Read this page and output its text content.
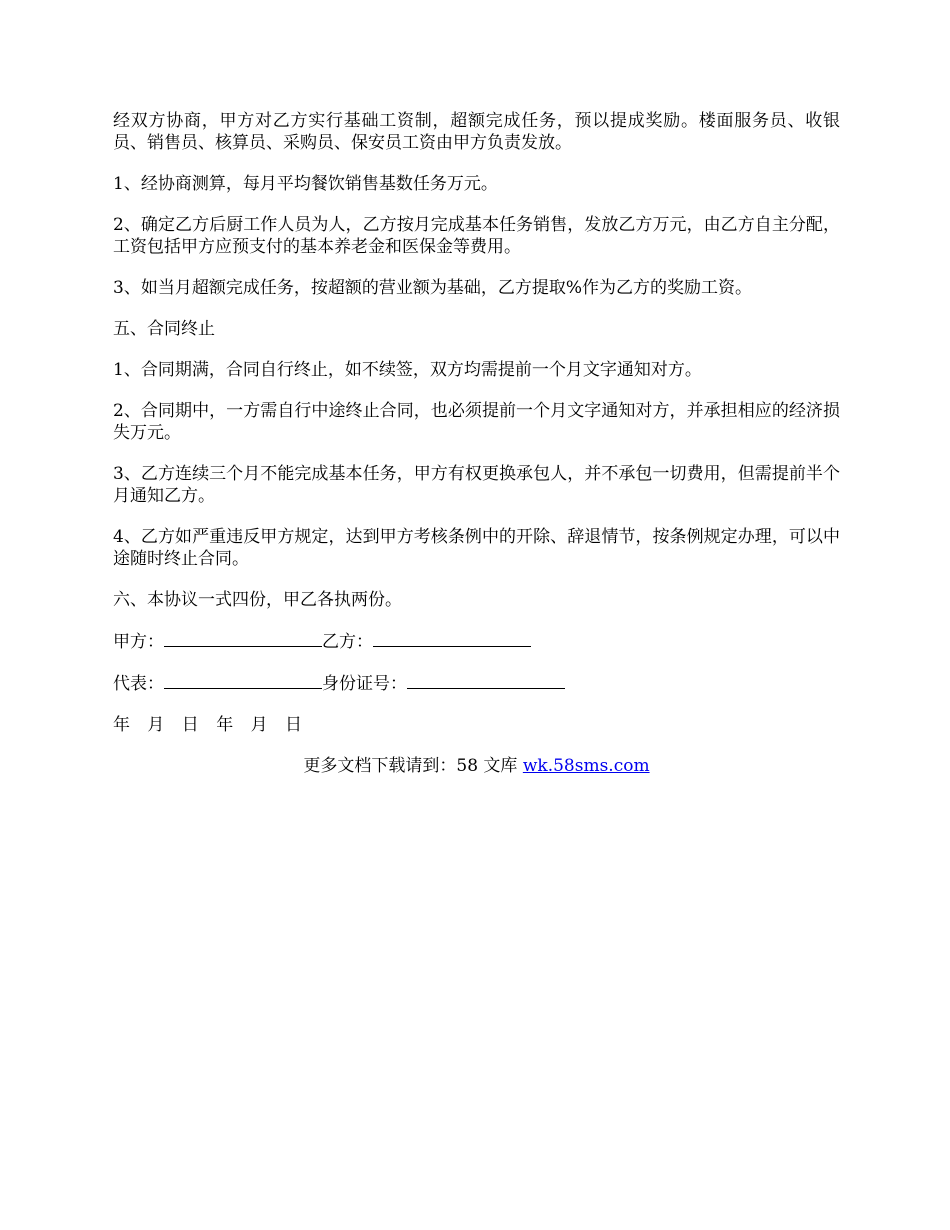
经双方协商，甲方对乙方实行基础工资制，超额完成任务，预以提成奖励。楼面服务员、收银员、销售员、核算员、采购员、保安员工资由甲方负责发放。

1、经协商测算，每月平均餐饮销售基数任务万元。

2、确定乙方后厨工作人员为人，乙方按月完成基本任务销售，发放乙方万元，由乙方自主分配，工资包括甲方应预支付的基本养老金和医保金等费用。

3、如当月超额完成任务，按超额的营业额为基础，乙方提取%作为乙方的奖励工资。

五、合同终止

1、合同期满，合同自行终止，如不续签，双方均需提前一个月文字通知对方。

2、合同期中，一方需自行中途终止合同，也必须提前一个月文字通知对方，并承担相应的经济损失万元。

3、乙方连续三个月不能完成基本任务，甲方有权更换承包人，并不承包一切费用，但需提前半个月通知乙方。

4、乙方如严重违反甲方规定，达到甲方考核条例中的开除、辞退情节，按条例规定办理，可以中途随时终止合同。

六、本协议一式四份，甲乙各执两份。

甲方：	乙方：
代表：	身份证号：
年 月 日 年 月 日
更多文档下载请到：58 文库 wk.58sms.com
